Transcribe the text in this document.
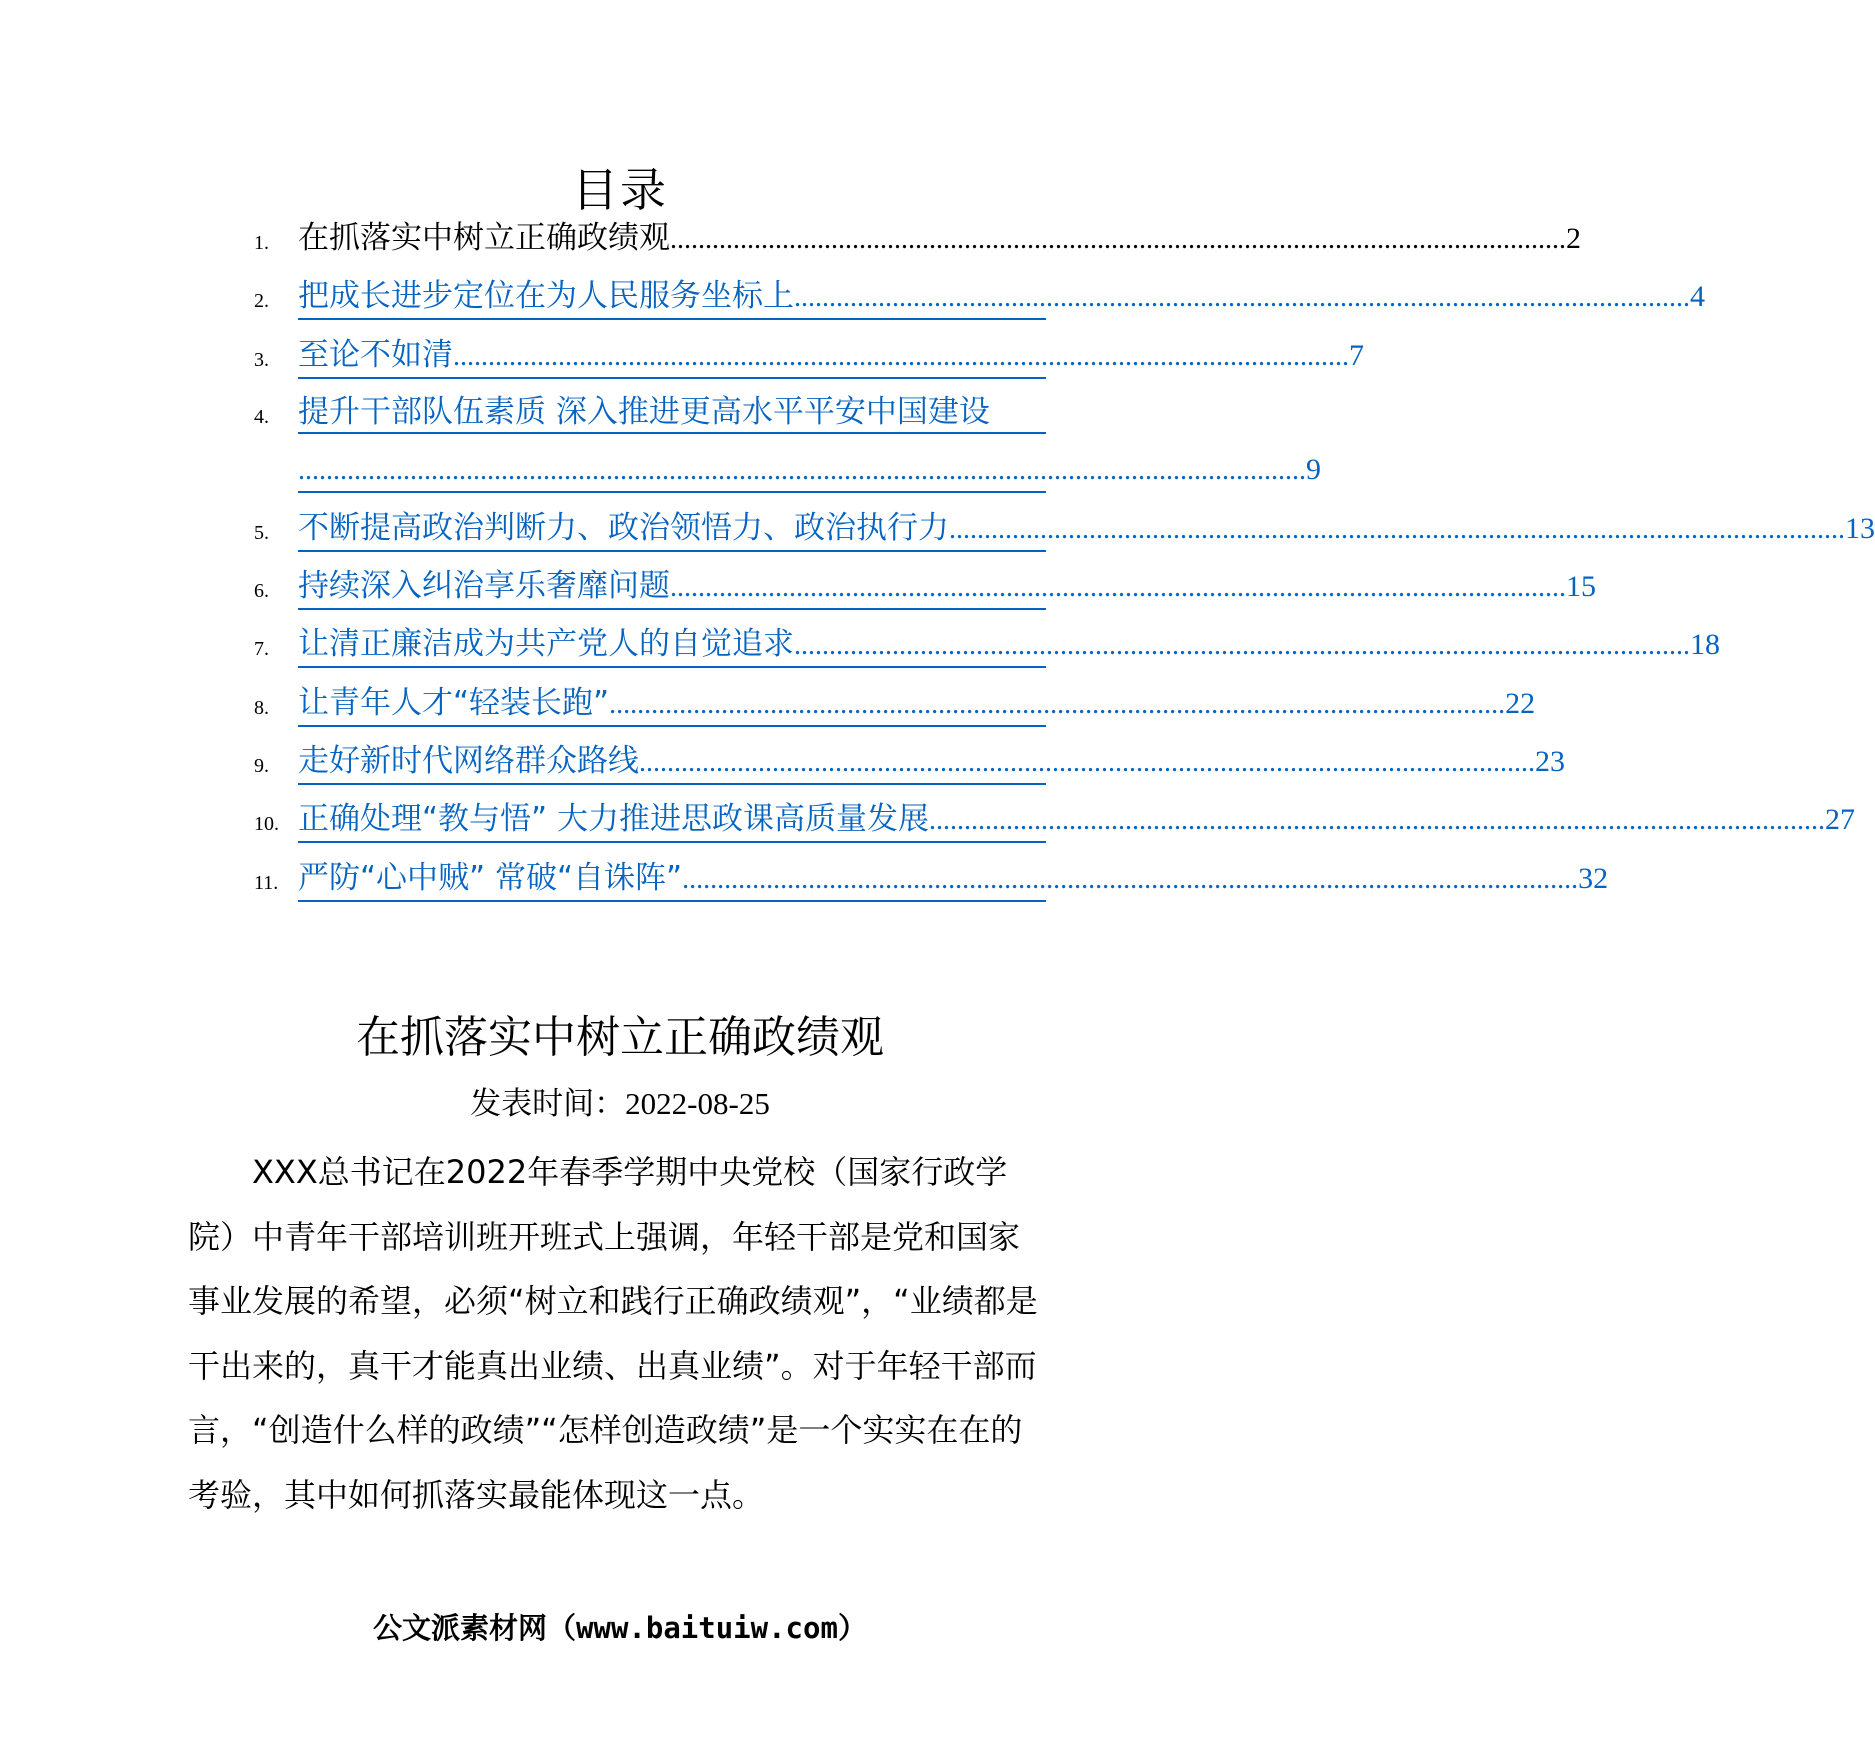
目录
1. 在抓落实中树立正确政绩观 ................................................................................................................................ 2
2. 把成长进步定位在为人民服务坐标上 ................................................................................................................................ 4
3. 至论不如清 ................................................................................................................................ 7
4. 提升干部队伍素质 深入推进更高水平平安中国建设
................................................................................................................................................ 9
5. 不断提高政治判断力、政治领悟力、政治执行力 ................................................................................................................................ 13
6. 持续深入纠治享乐奢靡问题 ................................................................................................................................ 15
7. 让清正廉洁成为共产党人的自觉追求 ................................................................................................................................ 18
8. 让青年人才“轻装长跑” ................................................................................................................................ 22
9. 走好新时代网络群众路线 ................................................................................................................................ 23
10. 正确处理“教与悟” 大力推进思政课高质量发展 ................................................................................................................................ 27
11. 严防“心中贼” 常破“自诛阵” ................................................................................................................................ 32
在抓落实中树立正确政绩观
发表时间：2022-08-25
XXX总书记在2022年春季学期中央党校（国家行政学院）中青年干部培训班开班式上强调，年轻干部是党和国家事业发展的希望，必须“树立和践行正确政绩观”，“业绩都是干出来的，真干才能真出业绩、出真业绩”。对于年轻干部而言，“创造什么样的政绩”“怎样创造政绩”是一个实实在在的考验，其中如何抓落实最能体现这一点。
公文派素材网（www.baituiw.com）
